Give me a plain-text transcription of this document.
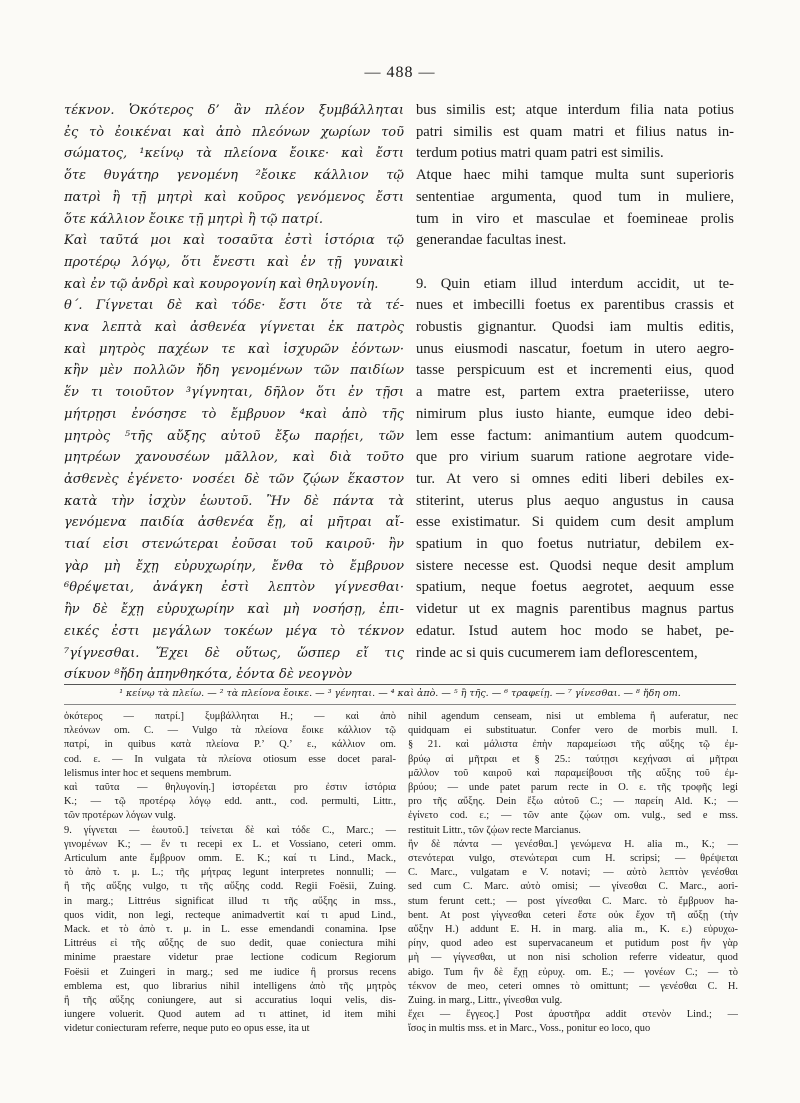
— 488 —
τέκνον. Ὁκότερος δ’ ἂν πλέον ξυμβάλληται
ἐς τὸ ἐοικέναι καὶ ἀπὸ πλεόνων χωρίων τοῦ
σώματος, ¹κείνῳ τὰ πλείονα ἔοικε· καὶ ἔστι
ὅτε θυγάτηρ γενομένη ²ἔοικε κάλλιον τῷ
πατρὶ ἢ τῇ μητρὶ καὶ κοῦρος γενόμενος ἔστι
ὅτε κάλλιον ἔοικε τῇ μητρὶ ἢ τῷ πατρί.
Καὶ ταῦτά μοι καὶ τοσαῦτα ἐστὶ ἱστόρια τῷ
προτέρῳ λόγῳ, ὅτι ἔνεστι καὶ ἐν τῇ γυναικὶ
καὶ ἐν τῷ ἀνδρὶ καὶ κουρογονίη καὶ θηλυγονίη.
θ΄. Γίγνεται δὲ καὶ τόδε· ἔστι ὅτε τὰ τέ-
κνα λεπτὰ καὶ ἀσθενέα γίγνεται ἐκ πατρὸς
καὶ μητρὸς παχέων τε καὶ ἰσχυρῶν ἐόντων·
κἢν μὲν πολλῶν ἤδη γενομένων τῶν παιδίων
ἕν τι τοιοῦτον ³γίγνηται, δῆλον ὅτι ἐν τῇσι
μήτρῃσι ἐνόσησε τὸ ἔμβρυον ⁴καὶ ἀπὸ τῆς
μητρὸς ⁵τῆς αὔξης αὐτοῦ ἔξω παρῄει, τῶν
μητρέων χανουσέων μᾶλλον, καὶ διὰ τοῦτο
ἀσθενὲς ἐγένετο· νοσέει δὲ τῶν ζῴων ἕκαστον
κατὰ τὴν ἰσχὺν ἑωυτοῦ. Ἢν δὲ πάντα τὰ
γενόμενα παιδία ἀσθενέα ἔῃ, αἱ μῆτραι αἴ-
τιαί εἰσι στενώτεραι ἐοῦσαι τοῦ καιροῦ· ἢν
γὰρ μὴ ἔχῃ εὐρυχωρίην, ἔνθα τὸ ἔμβρυον
⁶θρέψεται, ἀνάγκη ἐστὶ λεπτὸν γίγνεσθαι·
ἢν δὲ ἔχῃ εὐρυχωρίην καὶ μὴ νοσήσῃ, ἐπι-
εικές ἐστι μεγάλων τοκέων μέγα τὸ τέκνον
⁷γίγνεσθαι. Ἔχει δὲ οὕτως, ὥσπερ εἴ τις
σίκυον ⁸ἤδη ἀπηνθηκότα, ἐόντα δὲ νεογνὸν
bus similis est; atque interdum filia nata potius
patri similis est quam matri et filius natus in-
terdum potius matri quam patri est similis.
Atque haec mihi tamque multa sunt superioris
sententiae argumenta, quod tum in muliere,
tum in viro et masculae et foemineae prolis
generandae facultas inest.
9. Quin etiam illud interdum accidit, ut te-
nues et imbecilli foetus ex parentibus crassis et
robustis gignantur. Quodsi iam multis editis,
unus eiusmodi nascatur, foetum in utero aegro-
tasse perspicuum est et incrementi eius, quod
a matre est, partem extra praeteriisse, utero
nimirum plus iusto hiante, eumque ideo debi-
lem esse factum: animantium autem quodcum-
que pro virium suarum ratione aegrotare vide-
tur. At vero si omnes editi liberi debiles ex-
stiterint, uterus plus aequo angustus in causa
esse existimatur. Si quidem cum desit amplum
spatium in quo foetus nutriatur, debilem ex-
sistere necesse est. Quodsi neque desit amplum
spatium, neque foetus aegrotet, aequum esse
videtur ut ex magnis parentibus magnus partus
edatur. Istud autem hoc modo se habet, pe-
rinde ac si quis cucumerem iam deflorescentem,
¹ κείνῳ τὰ πλείω. — ² τὰ πλείονα ἔοικε. — ³ γένηται. — ⁴ καὶ ἀπὸ. — ⁵ ἢ τῆς. — ⁶ τραφείῃ. — ⁷ γίνεσθαι. — ⁸ ἤδη om.
ὁκότερος — πατρί.] ξυμβάλληται H.; — καὶ ἀπὸ
πλεόνων om. C. — Vulgo τὰ πλείονα ἔοικε κάλλιον τῷ
πατρί, in quibus κατὰ πλείονα P.’ Q.’ ε., κάλλιον om.
cod. ε. — In vulgata τὰ πλείονα otiosum esse docet paral-
lelismus inter hoc et sequens membrum.
καὶ ταῦτα — θηλυγονίη.] ἱστορέεται pro ἐστιν ἱστόρια
K.; — τῷ προτέρῳ λόγῳ edd. antt., cod. permulti, Littr.,
τῶν προτέρων λόγων vulg.
9. γίγνεται — ἑωυτοῦ.] τείνεται δὲ καὶ τόδε C., Marc.; —
γινομένων K.; — ἕν τι recepi ex L. et Vossiano, ceteri omm.
Articulum ante ἔμβρυον omm. E. K.; καί τι Lind., Mack.,
τὸ ἀπὸ τ. μ. L.; τῆς μήτρας legunt interpretes nonnulli; —
ἢ τῆς αὔξης vulgo, τι τῆς αὔξης codd. Regii Foësii, Zuing.
in marg.; Littréus significat illud τι τῆς αὔξης in mss.,
quos vidit, non legi, recteque animadvertit καί τι apud Lind.,
Mack. et τὸ ἀπὸ τ. μ. in L. esse emendandi conamina. Ipse
Littréus εἰ τῆς αὔξης de suo dedit, quae coniectura mihi
minime praestare videtur prae lectione codicum Regiorum
Foësii et Zuingeri in marg.; sed me iudice ἢ prorsus recens
emblema est, quo librarius nihil intelligens ἀπὸ τῆς μητρὸς
ἢ τῆς αὔξης coniungere, aut si accuratius loqui velis, dis-
iungere voluerit. Quod autem ad τι attinet, id item mihi
videtur coniecturam referre, neque puto eo opus esse, ita ut
nihil agendum censeam, nisi ut emblema ἢ auferatur, nec
quidquam ei substituatur. Confer vero de morbis mull. I.
§ 21. καὶ μάλιστα ἐπὴν παραμείωσι τῆς αὔξης τῷ ἐμ-
βρύῳ αἱ μῆτραι et § 25.: ταύτῃσι κεχήνασι αἱ μῆτραι
μᾶλλον τοῦ καιροῦ καὶ παραμείβουσι τῆς αὔξης τοῦ ἐμ-
βρύου; — unde patet parum recte in O. ε. τῆς τροφῆς legi
pro τῆς αὔξης. Dein ἔξω αὐτοῦ C.; — παρείη Ald. K.; —
ἐγίνετο cod. ε.; — τῶν ante ζῴων om. vulg., sed e mss.
restituit Littr., τῶν ζῴων recte Marcianus.
ἢν δὲ πάντα — γενέσθαι.] γενώμενα H. alia m., K.; —
στενότεραι vulgo, στενώτεραι cum H. scripsi; — θρέψεται
C. Marc., vulgatam e V. notavi; — αὐτὸ λεπτὸν γενέσθαι
sed cum C. Marc. αὐτὸ omisi; — γίνεσθαι C. Marc., aori-
stum ferunt cett.; — post γίνεσθαι C. Marc. τὸ ἔμβρυον ha-
bent. At post γίγνεσθαι ceteri ἔστε οὐκ ἔχον τῆ αὔξῃ (τὴν
αὔξην H.) addunt E. H. in marg. alia m., K. ε.) εὐρυχω-
ρίην, quod adeo est supervacaneum et putidum post ἢν γὰρ
μὴ — γίγνεσθαι, ut non nisi scholion referre videatur, quod
abigo. Tum ἢν δὲ ἔχῃ εὐρυχ. om. E.; — γονέων C.; — τὸ
τέκνον de meo, ceteri omnes τὸ omittunt; — γενέσθαι C. H.
Zuing. in marg., Littr., γίνεσθαι vulg.
ἔχει — ἔγγεος.] Post ἀρυστῆρα addit στενὸν Lind.; —
ἴσος in multis mss. et in Marc., Voss., ponitur eo loco, quo
